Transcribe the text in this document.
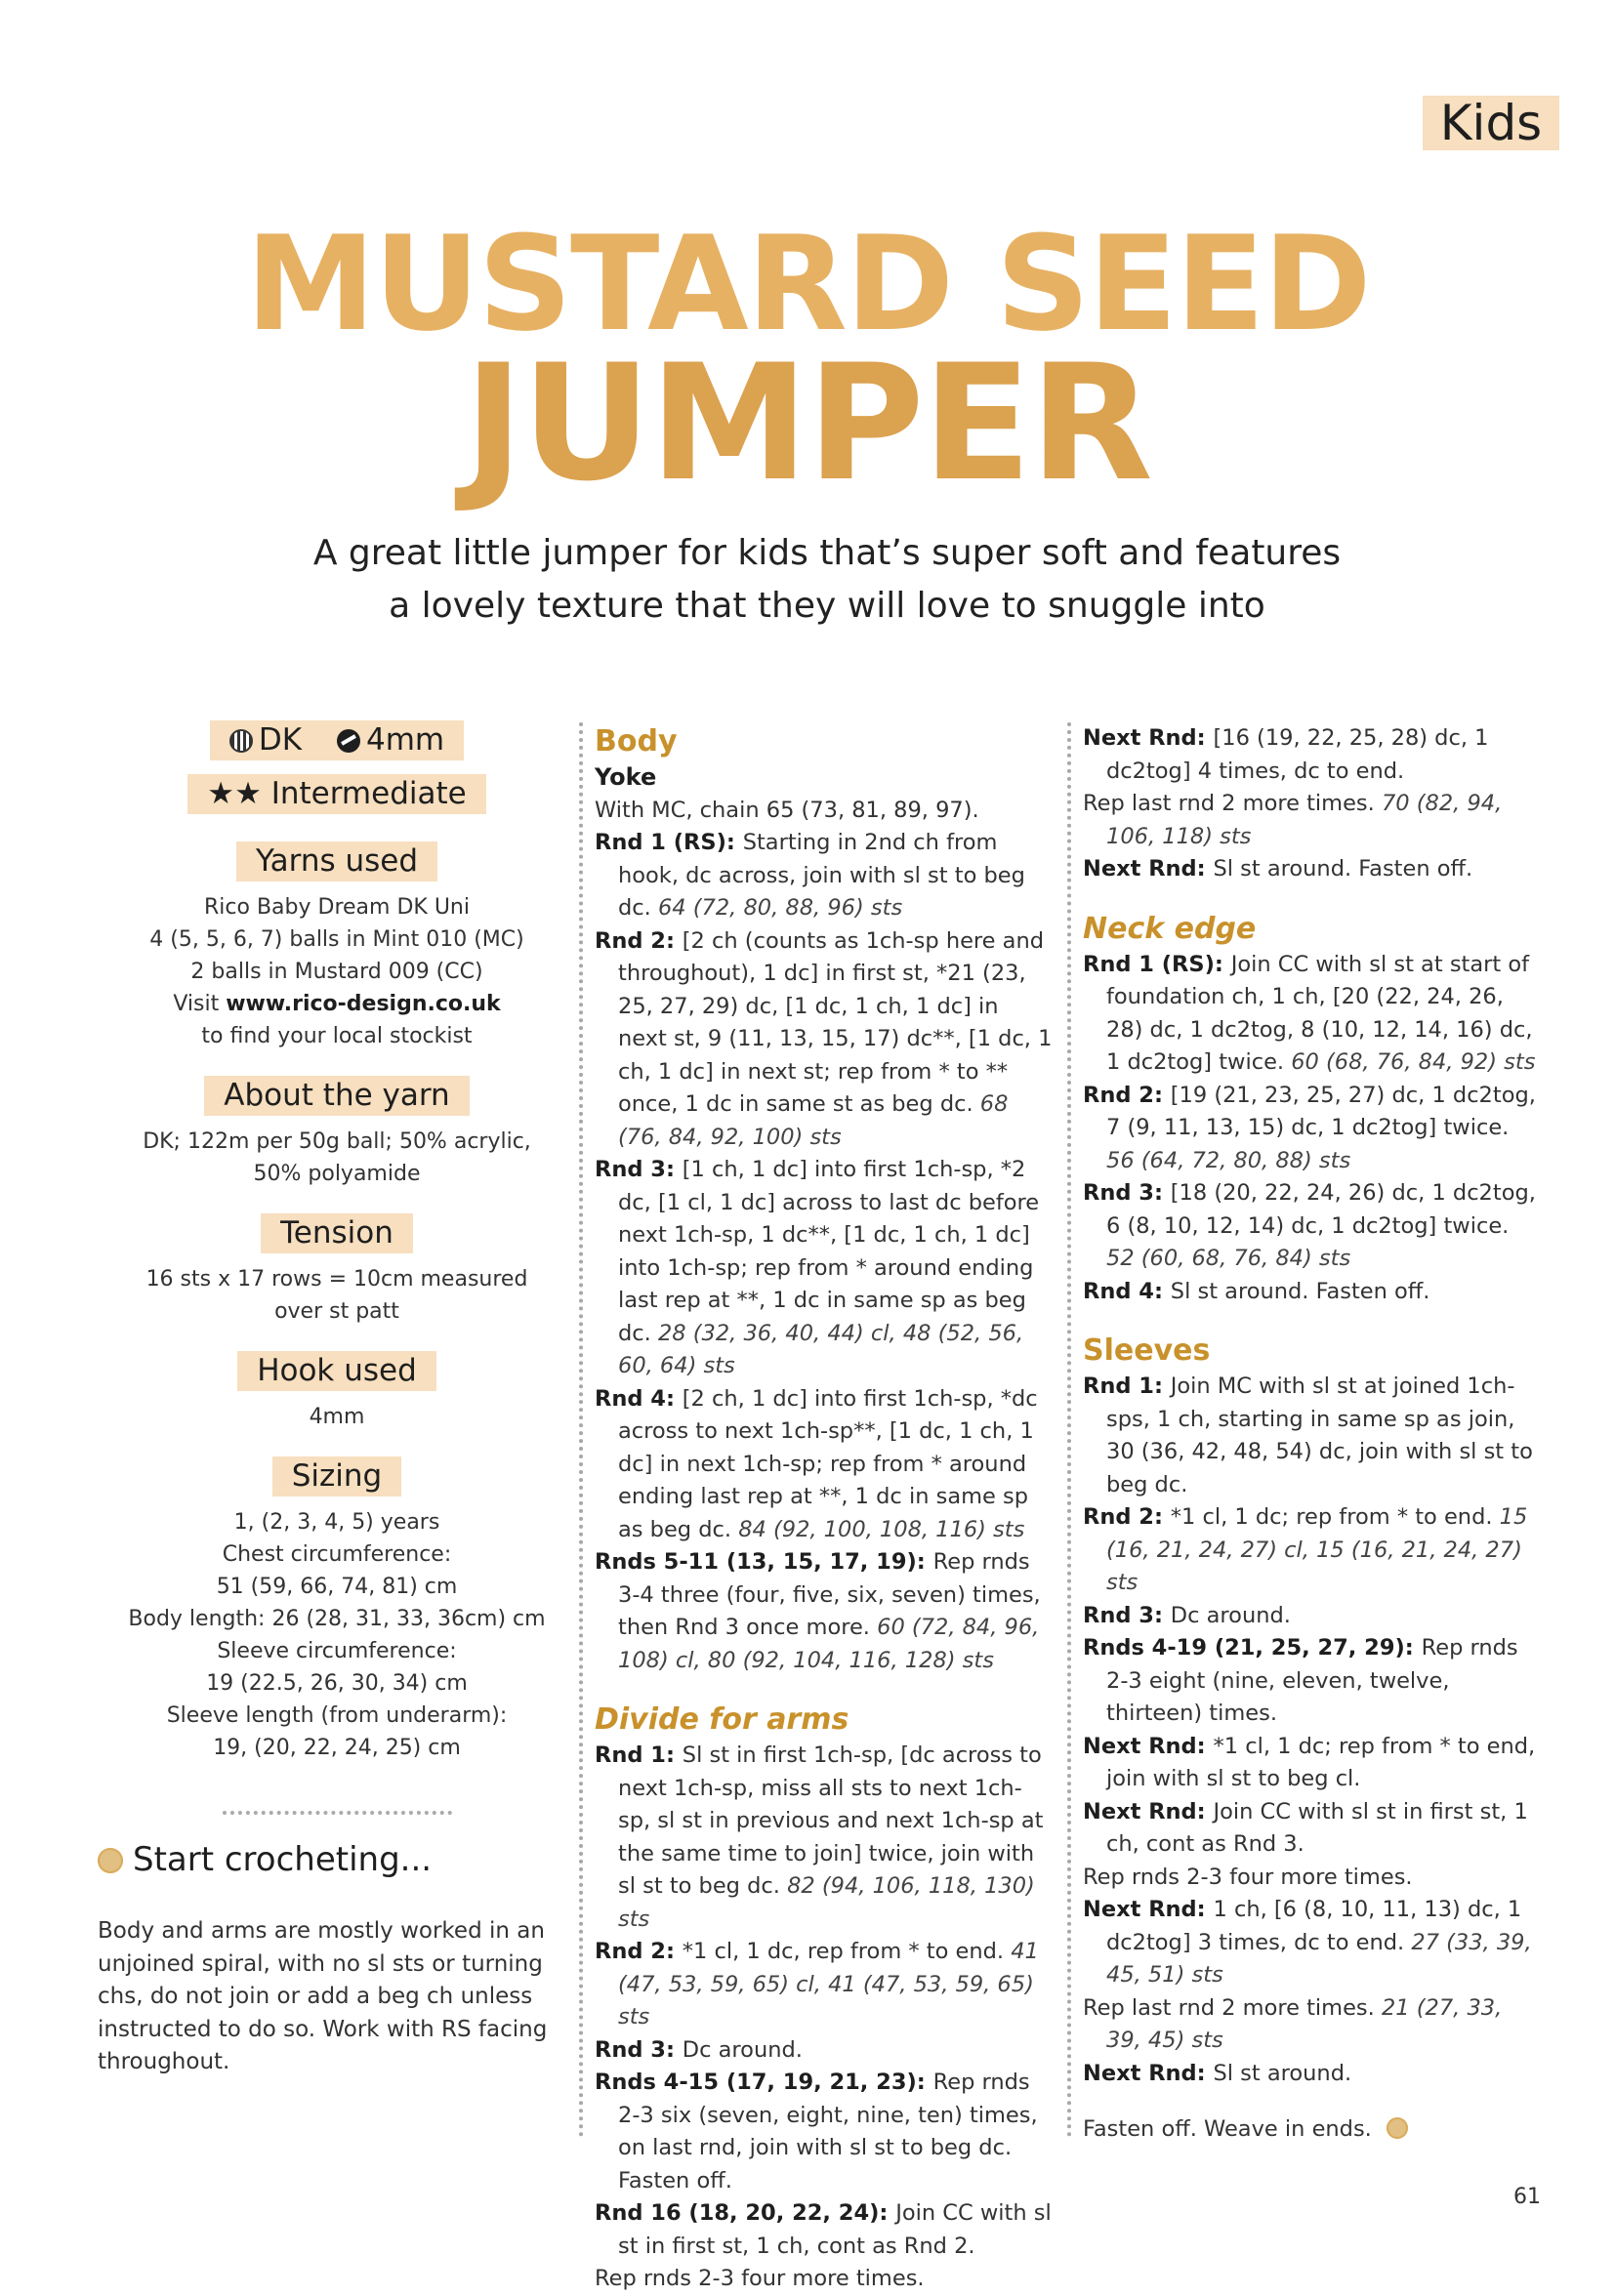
Kids
MUSTARD SEED
JUMPER
A great little jumper for kids that’s super soft and features
a lovely texture that they will love to snuggle into
DK 4mm
★★ Intermediate
Yarns used
Rico Baby Dream DK Uni
4 (5, 5, 6, 7) balls in Mint 010 (MC)
2 balls in Mustard 009 (CC)
Visit www.rico-design.co.uk
to find your local stockist
About the yarn
DK; 122m per 50g ball; 50% acrylic,
50% polyamide
Tension
16 sts x 17 rows = 10cm measured
over st patt
Hook used
4mm
Sizing
1, (2, 3, 4, 5) years
Chest circumference:
51 (59, 66, 74, 81) cm
Body length: 26 (28, 31, 33, 36cm) cm
Sleeve circumference:
19 (22.5, 26, 30, 34) cm
Sleeve length (from underarm):
19, (20, 22, 24, 25) cm
Start crocheting...
Body and arms are mostly worked in an unjoined spiral, with no sl sts or turning chs, do not join or add a beg ch unless instructed to do so. Work with RS facing throughout.
Body
Yoke

With MC, chain 65 (73, 81, 89, 97).

Rnd 1 (RS): Starting in 2nd ch from hook, dc across, join with sl st to beg dc. 64 (72, 80, 88, 96) sts

Rnd 2: [2 ch (counts as 1ch-sp here and throughout), 1 dc] in first st, *21 (23, 25, 27, 29) dc, [1 dc, 1 ch, 1 dc] in next st, 9 (11, 13, 15, 17) dc**, [1 dc, 1 ch, 1 dc] in next st; rep from * to ** once, 1 dc in same st as beg dc. 68 (76, 84, 92, 100) sts

Rnd 3: [1 ch, 1 dc] into first 1ch-sp, *2 dc, [1 cl, 1 dc] across to last dc before next 1ch-sp, 1 dc**, [1 dc, 1 ch, 1 dc] into 1ch-sp; rep from * around ending last rep at **, 1 dc in same sp as beg dc. 28 (32, 36, 40, 44) cl, 48 (52, 56, 60, 64) sts

Rnd 4: [2 ch, 1 dc] into first 1ch-sp, *dc across to next 1ch-sp**, [1 dc, 1 ch, 1 dc] in next 1ch-sp; rep from * around ending last rep at **, 1 dc in same sp as beg dc. 84 (92, 100, 108, 116) sts

Rnds 5-11 (13, 15, 17, 19): Rep rnds 3-4 three (four, five, six, seven) times, then Rnd 3 once more. 60 (72, 84, 96, 108) cl, 80 (92, 104, 116, 128) sts

Divide for arms

Rnd 1: Sl st in first 1ch-sp, [dc across to next 1ch-sp, miss all sts to next 1ch-sp, sl st in previous and next 1ch-sp at the same time to join] twice, join with sl st to beg dc. 82 (94, 106, 118, 130) sts

Rnd 2: *1 cl, 1 dc, rep from * to end. 41 (47, 53, 59, 65) cl, 41 (47, 53, 59, 65) sts

Rnd 3: Dc around.

Rnds 4-15 (17, 19, 21, 23): Rep rnds 2-3 six (seven, eight, nine, ten) times, on last rnd, join with sl st to beg dc. Fasten off.

Rnd 16 (18, 20, 22, 24): Join CC with sl st in first st, 1 ch, cont as Rnd 2.

Rep rnds 2-3 four more times.

Next Rnd: [16 (19, 22, 25, 28) dc, 1 dc2tog] 4 times, dc to end.

Rep last rnd 2 more times. 70 (82, 94, 106, 118) sts

Next Rnd: Sl st around. Fasten off.

Neck edge

Rnd 1 (RS): Join CC with sl st at start of foundation ch, 1 ch, [20 (22, 24, 26, 28) dc, 1 dc2tog, 8 (10, 12, 14, 16) dc, 1 dc2tog] twice. 60 (68, 76, 84, 92) sts

Rnd 2: [19 (21, 23, 25, 27) dc, 1 dc2tog, 7 (9, 11, 13, 15) dc, 1 dc2tog] twice. 56 (64, 72, 80, 88) sts

Rnd 3: [18 (20, 22, 24, 26) dc, 1 dc2tog, 6 (8, 10, 12, 14) dc, 1 dc2tog] twice. 52 (60, 68, 76, 84) sts

Rnd 4: Sl st around. Fasten off.

Sleeves

Rnd 1: Join MC with sl st at joined 1ch-sps, 1 ch, starting in same sp as join, 30 (36, 42, 48, 54) dc, join with sl st to beg dc.

Rnd 2: *1 cl, 1 dc; rep from * to end. 15 (16, 21, 24, 27) cl, 15 (16, 21, 24, 27) sts

Rnd 3: Dc around.

Rnds 4-19 (21, 25, 27, 29): Rep rnds 2-3 eight (nine, eleven, twelve, thirteen) times.

Next Rnd: *1 cl, 1 dc; rep from * to end, join with sl st to beg cl.

Next Rnd: Join CC with sl st in first st, 1 ch, cont as Rnd 3.

Rep rnds 2-3 four more times.

Next Rnd: 1 ch, [6 (8, 10, 11, 13) dc, 1 dc2tog] 3 times, dc to end. 27 (33, 39, 45, 51) sts

Rep last rnd 2 more times. 21 (27, 33, 39, 45) sts

Next Rnd: Sl st around.

Fasten off. Weave in ends.

61
